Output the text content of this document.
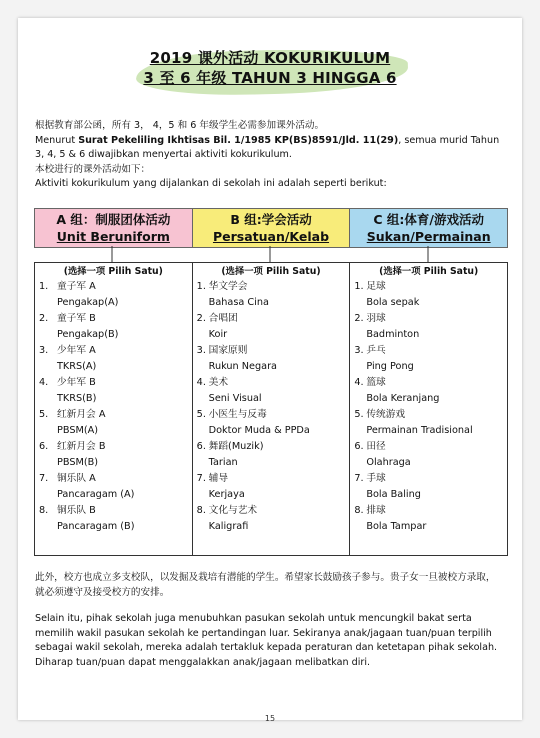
2019 课外活动 KOKURIKULUM
3 至 6 年级 TAHUN 3 HINGGA 6

根据教育部公函，所有 3， 4，5 和 6 年级学生必需参加课外活动。

Menurut Surat Pekeliling Ikhtisas Bil. 1/1985 KP(BS)8591/Jld. 11(29), semua murid Tahun 3, 4, 5 & 6 diwajibkan menyertai aktiviti kokurikulum.

本校进行的课外活动如下：

Aktiviti kokurikulum yang dijalankan di sekolah ini adalah seperti berikut:

A 组：制服团体活动
Unit Beruniform
B 组:学会活动
Persatuan/Kelab
C 组:体育/游戏活动
Sukan/Permainan
(选择一项 Pilih Satu)
1. 童子军 A
Pengakap(A)
2. 童子军 B
Pengakap(B)
3. 少年军 A
TKRS(A)
4. 少年军 B
TKRS(B)
5. 红新月会 A
PBSM(A)
6. 红新月会 B
PBSM(B)
7. 铜乐队 A
Pancaragam (A)
8. 铜乐队 B
Pancaragam (B)
(选择一项 Pilih Satu)
1. 华文学会
Bahasa Cina
2. 合唱团
Koir
3. 国家原则
Rukun Negara
4. 美术
Seni Visual
5. 小医生与反毒
Doktor Muda & PPDa
6. 舞蹈(Muzik)
Tarian
7. 辅导
Kerjaya
8. 文化与艺术
Kaligrafi
(选择一项 Pilih Satu)
1. 足球
Bola sepak
2. 羽球
Badminton
3. 乒乓
Ping Pong
4. 篮球
Bola Keranjang
5. 传统游戏
Permainan Tradisional
6. 田径
Olahraga
7. 手球
Bola Baling
8. 排球
Bola Tampar

此外，校方也成立多支校队，以发掘及栽培有潜能的学生。希望家长鼓励孩子参与。贵子女一旦被校方录取，就必须遵守及接受校方的安排。

Selain itu, pihak sekolah juga menubuhkan pasukan sekolah untuk mencungkil bakat serta memilih wakil pasukan sekolah ke pertandingan luar. Sekiranya anak/jagaan tuan/puan terpilih sebagai wakil sekolah, mereka adalah tertakluk kepada peraturan dan ketetapan pihak sekolah. Diharap tuan/puan dapat menggalakkan anak/jagaan melibatkan diri.

15
